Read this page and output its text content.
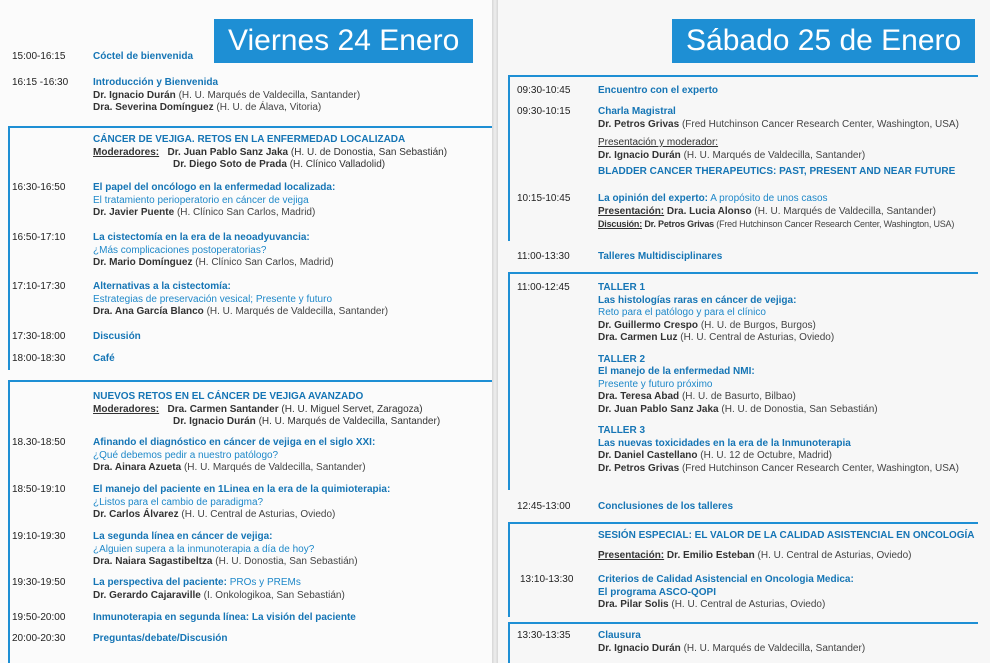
Viernes 24 Enero
15:00-16:15	Cóctel de bienvenida
16:15 -16:30	Introducción y Bienvenida
Dr. Ignacio Durán (H. U. Marqués de Valdecilla, Santander)
Dra. Severina Domínguez (H. U. de Álava, Vitoria)
CÁNCER DE VEJIGA. RETOS EN LA ENFERMEDAD LOCALIZADA
Moderadores: Dr. Juan Pablo Sanz Jaka (H. U. de Donostia, San Sebastián)
Dr. Diego Soto de Prada (H. Clínico Valladolid)
16:30-16:50	El papel del oncólogo en la enfermedad localizada:
El tratamiento perioperatorio en cáncer de vejiga
Dr. Javier Puente (H. Clínico San Carlos, Madrid)
16:50-17:10	La cistectomía en la era de la neoadyuvancia:
¿Más complicaciones postoperatorias?
Dr. Mario Domínguez (H. Clínico San Carlos, Madrid)
17:10-17:30	Alternativas a la cistectomía:
Estrategias de preservación vesical; Presente y futuro
Dra. Ana García Blanco (H. U. Marqués de Valdecilla, Santander)
17:30-18:00	Discusión
18:00-18:30	Café
NUEVOS RETOS EN EL CÁNCER DE VEJIGA AVANZADO
Moderadores: Dra. Carmen Santander (H. U. Miguel Servet, Zaragoza)
Dr. Ignacio Durán (H. U. Marqués de Valdecilla, Santander)
18.30-18:50	Afinando el diagnóstico en cáncer de vejiga en el siglo XXI:
¿Qué debemos pedir a nuestro patólogo?
Dra. Ainara Azueta (H. U. Marqués de Valdecilla, Santander)
18:50-19:10	El manejo del paciente en 1Linea en la era de la quimioterapia:
¿Listos para el cambio de paradigma?
Dr. Carlos Álvarez (H. U. Central de Asturias, Oviedo)
19:10-19:30	La segunda línea en cáncer de vejiga:
¿Alguien supera a la inmunoterapia a día de hoy?
Dra. Naiara Sagastibeltza (H. U. Donostia, San Sebastián)
19:30-19:50	La perspectiva del paciente: PROs y PREMs
Dr. Gerardo Cajaraville (I. Onkologikoa, San Sebastián)
19:50-20:00	Inmunoterapia en segunda línea: La visión del paciente
20:00-20:30	Preguntas/debate/Discusión
Sábado 25 de Enero
09:30-10:45	Encuentro con el experto
09:30-10:15	Charla Magistral
Dr. Petros Grivas (Fred Hutchinson Cancer Research Center, Washington, USA)
Presentación y moderador:
Dr. Ignacio Durán (H. U. Marqués de Valdecilla, Santander)
BLADDER CANCER THERAPEUTICS: PAST, PRESENT AND NEAR FUTURE
10:15-10:45	La opinión del experto: A propósito de unos casos
Presentación: Dra. Lucia Alonso (H. U. Marqués de Valdecilla, Santander)
Discusión: Dr. Petros Grivas (Fred Hutchinson Cancer Research Center, Washington, USA)
11:00-13:30	Talleres Multidisciplinares
11:00-12:45	TALLER 1
Las histologías raras en cáncer de vejiga:
Reto para el patólogo y para el clínico
Dr. Guillermo Crespo (H. U. de Burgos, Burgos)
Dra. Carmen Luz (H. U. Central de Asturias, Oviedo)
TALLER 2
El manejo de la enfermedad NMI:
Presente y futuro próximo
Dra. Teresa Abad (H. U. de Basurto, Bilbao)
Dr. Juan Pablo Sanz Jaka (H. U. de Donostia, San Sebastián)
TALLER 3
Las nuevas toxicidades en la era de la Inmunoterapia
Dr. Daniel Castellano (H. U. 12 de Octubre, Madrid)
Dr. Petros Grivas (Fred Hutchinson Cancer Research Center, Washington, USA)
12:45-13:00	Conclusiones de los talleres
SESIÓN ESPECIAL: EL VALOR DE LA CALIDAD ASISTENCIAL EN ONCOLOGÍA
Presentación: Dr. Emilio Esteban (H. U. Central de Asturias, Oviedo)
13:10-13:30	Criterios de Calidad Asistencial en Oncologia Medica:
El programa ASCO-QOPI
Dra. Pilar Solis (H. U. Central de Asturias, Oviedo)
13:30-13:35	Clausura
Dr. Ignacio Durán (H. U. Marqués de Valdecilla, Santander)
